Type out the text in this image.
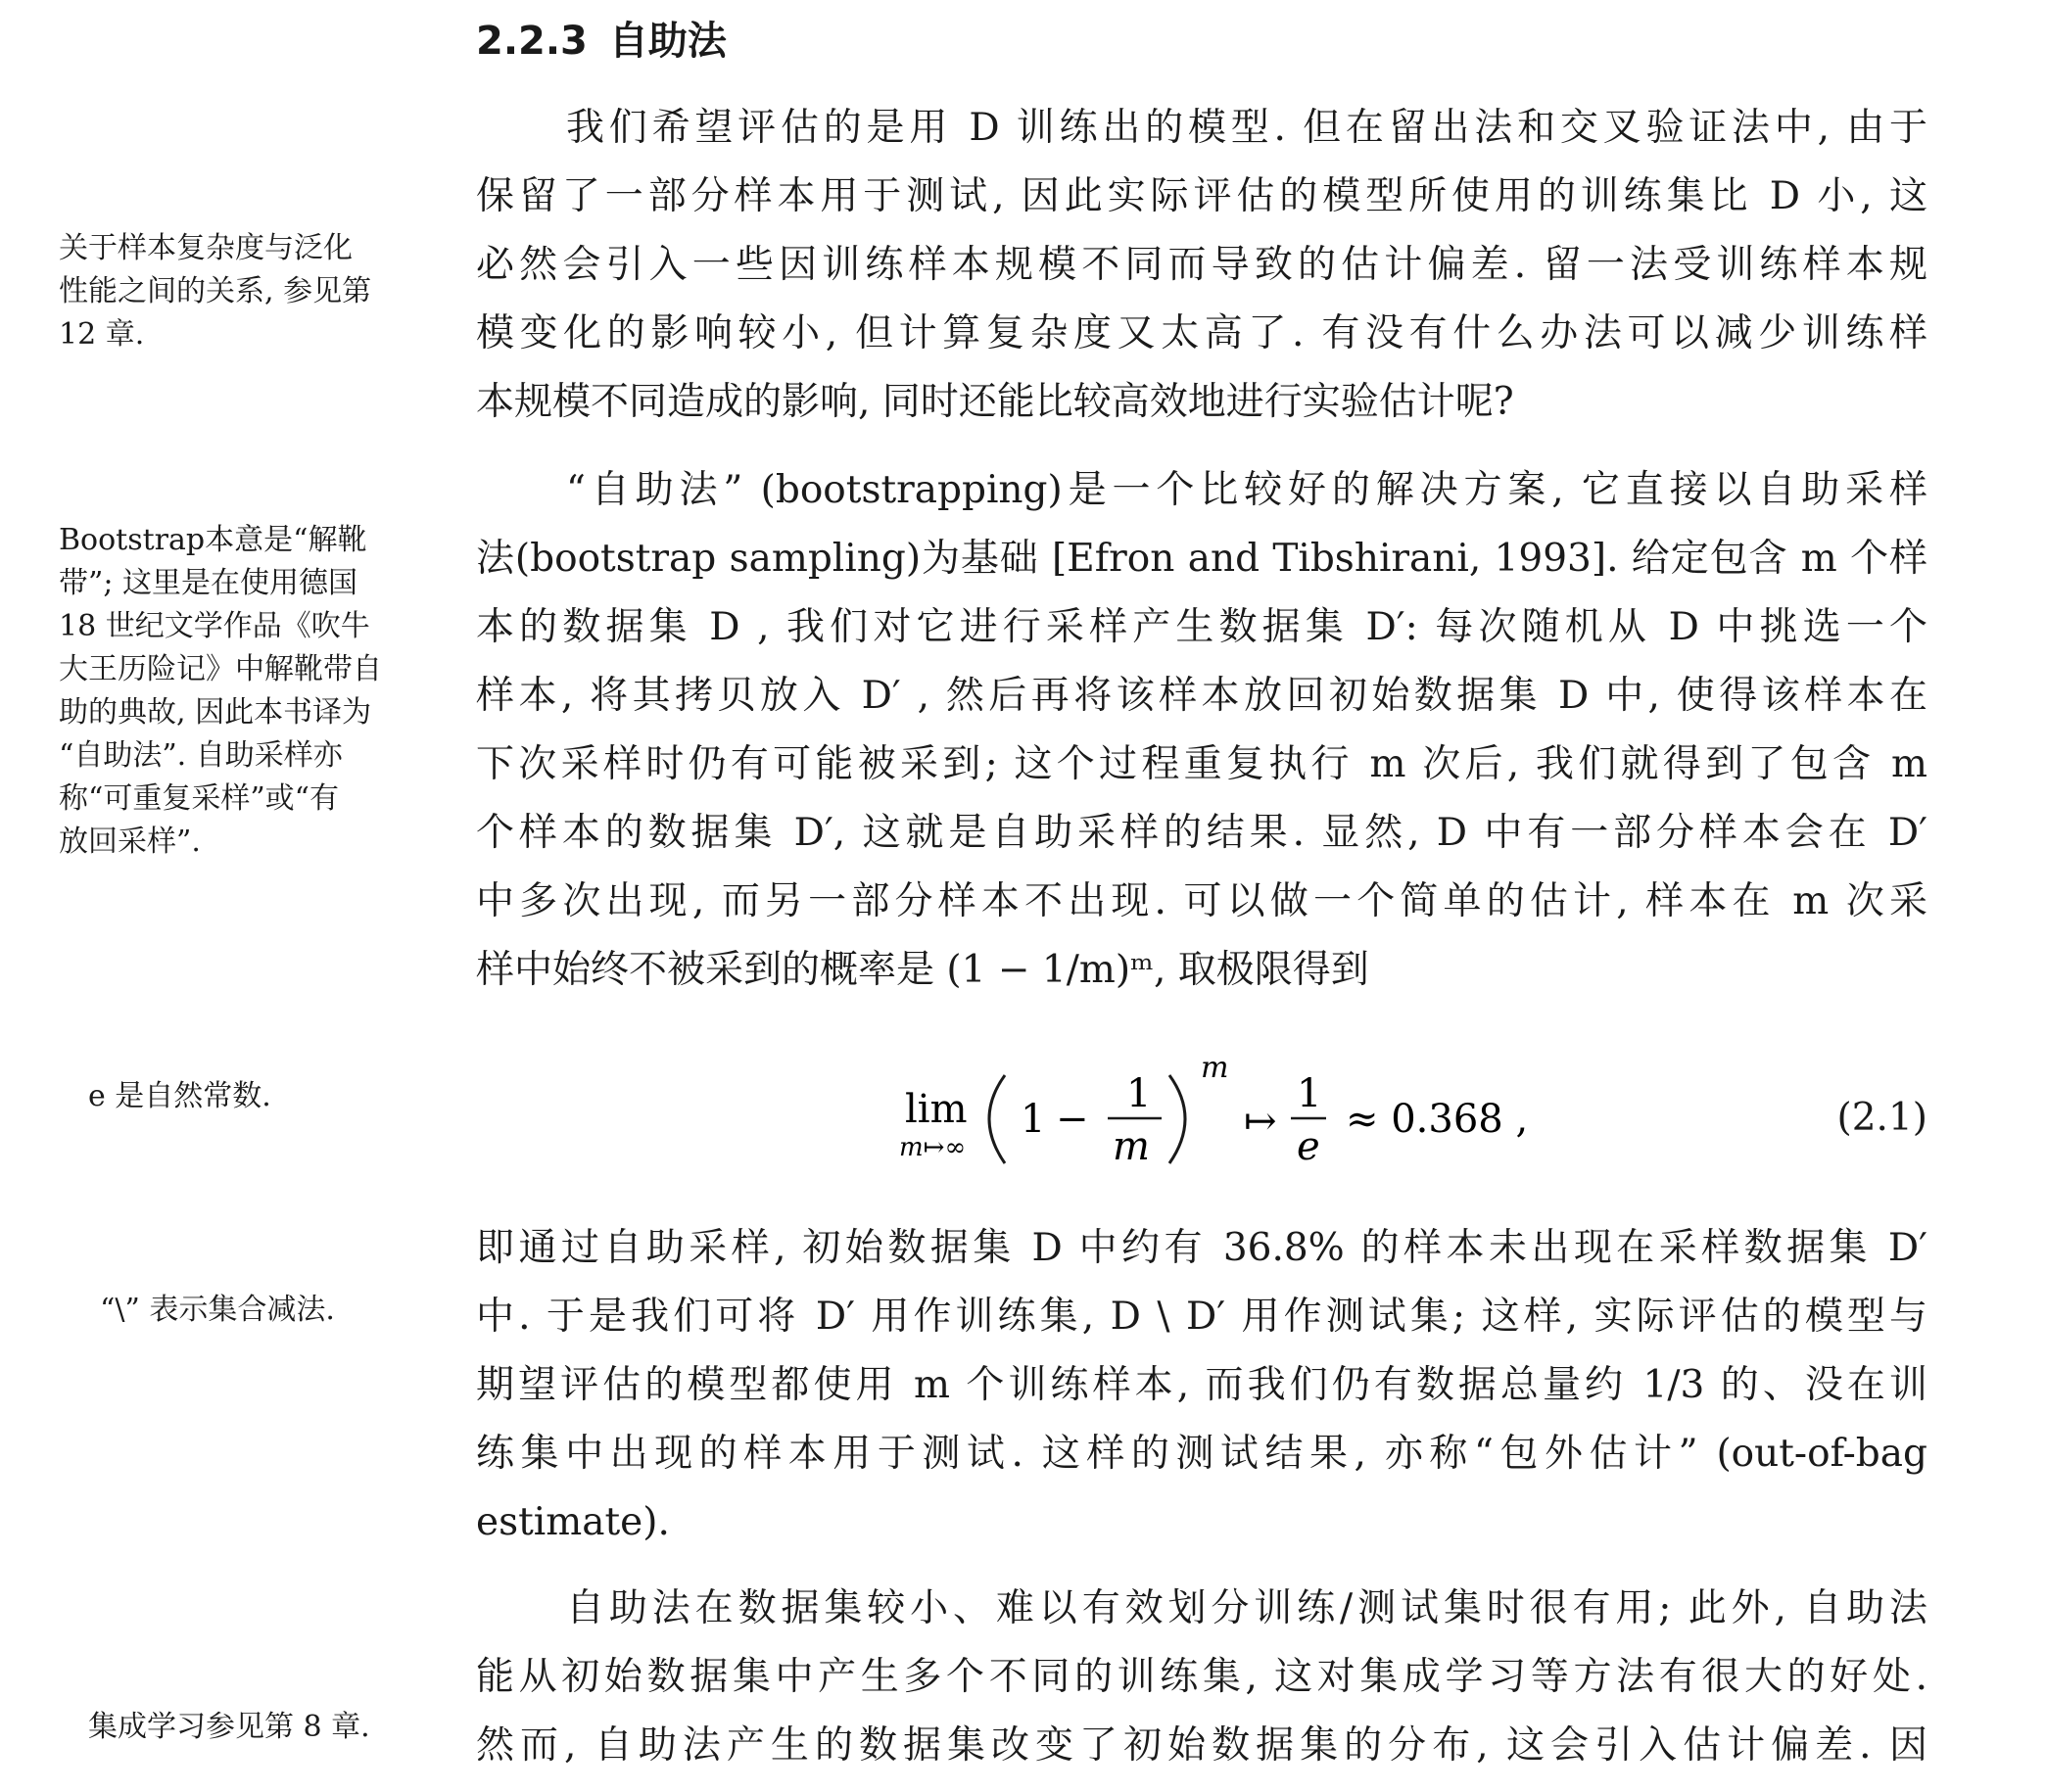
2.2.3 自助法
我们希望评估的是用 D 训练出的模型. 但在留出法和交叉验证法中, 由于
保留了一部分样本用于测试, 因此实际评估的模型所使用的训练集比 D 小, 这
必然会引入一些因训练样本规模不同而导致的估计偏差. 留一法受训练样本规
模变化的影响较小, 但计算复杂度又太高了. 有没有什么办法可以减少训练样
本规模不同造成的影响, 同时还能比较高效地进行实验估计呢?
“自助法” (bootstrapping)是一个比较好的解决方案, 它直接以自助采样
法(bootstrap sampling)为基础 [Efron and Tibshirani, 1993]. 给定包含 m 个样
本的数据集 D , 我们对它进行采样产生数据集 D′: 每次随机从 D 中挑选一个
样本, 将其拷贝放入 D′ , 然后再将该样本放回初始数据集 D 中, 使得该样本在
下次采样时仍有可能被采到; 这个过程重复执行 m 次后, 我们就得到了包含 m
个样本的数据集 D′, 这就是自助采样的结果. 显然, D 中有一部分样本会在 D′
中多次出现, 而另一部分样本不出现. 可以做一个简单的估计, 样本在 m 次采
样中始终不被采到的概率是 (1 − 1/m)ᵐ, 取极限得到
即通过自助采样, 初始数据集 D 中约有 36.8% 的样本未出现在采样数据集 D′
中. 于是我们可将 D′ 用作训练集, D \ D′ 用作测试集; 这样, 实际评估的模型与
期望评估的模型都使用 m 个训练样本, 而我们仍有数据总量约 1/3 的、没在训
练集中出现的样本用于测试. 这样的测试结果, 亦称“包外估计” (out-of-bag
estimate).
自助法在数据集较小、难以有效划分训练/测试集时很有用; 此外, 自助法
能从初始数据集中产生多个不同的训练集, 这对集成学习等方法有很大的好处.
然而, 自助法产生的数据集改变了初始数据集的分布, 这会引入估计偏差. 因
lim
m↦∞
1 −
1
m
m
↦
1
e
≈ 0.368 ,	(2.1)
关于样本复杂度与泛化
性能之间的关系, 参见第
12 章.
Bootstrap本意是“解靴
带”; 这里是在使用德国
18 世纪文学作品《吹牛
大王历险记》中解靴带自
助的典故, 因此本书译为
“自助法”. 自助采样亦
称“可重复采样”或“有
放回采样”.
e 是自然常数.
“\” 表示集合减法.
集成学习参见第 8 章.
